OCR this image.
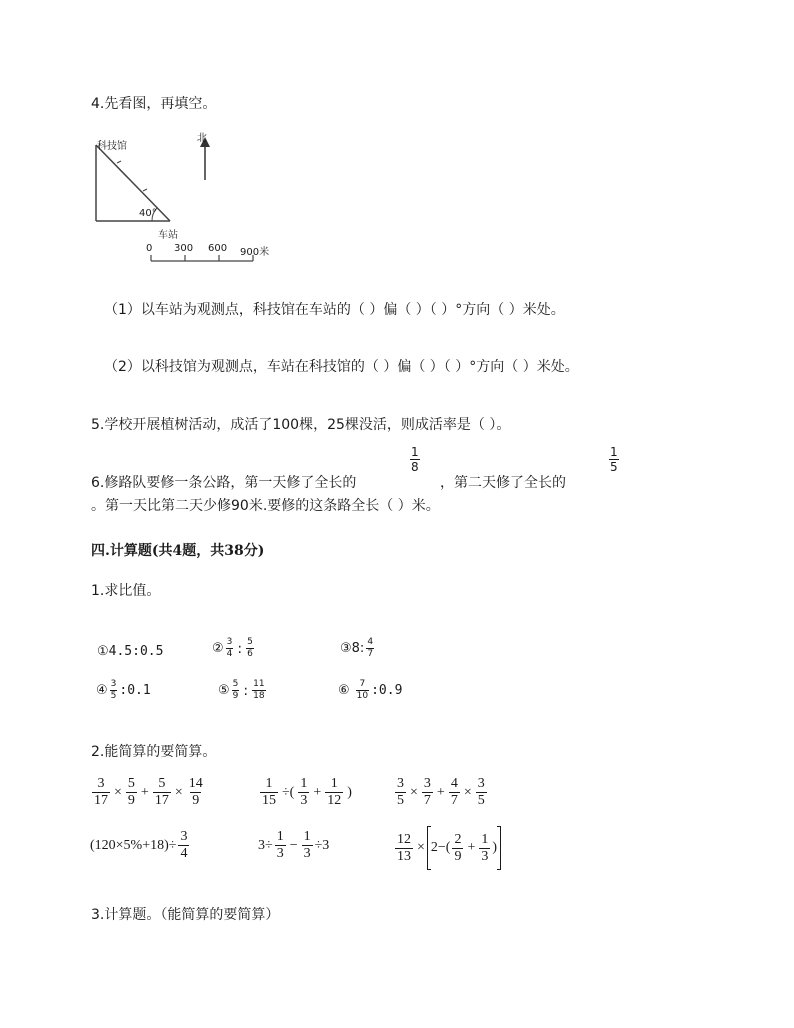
4.先看图，再填空。
科技馆
北
40°
车站
0 300 600 900米
（1）以车站为观测点，科技馆在车站的（ ）偏（ ）（ ）°方向（ ）米处。
（2）以科技馆为观测点，车站在科技馆的（ ）偏（ ）（ ）°方向（ ）米处。
5.学校开展植树活动，成活了100棵，25棵没活，则成活率是（ ）。
6.修路队要修一条公路，第一天修了全长的
$\frac{1}{8}$
，第二天修了全长的
$\frac{1}{5}$
。第一天比第二天少修90米.要修的这条路全长（ ）米。
四.计算题(共4题，共38分)
1.求比值。
①4.5:0.5	② $\frac{3}{4}$ : $\frac{5}{6}$	③8: $\frac{4}{7}$
④ $\frac{3}{5}$ :0.1	⑤ $\frac{5}{9}$ : $\frac{11}{18}$	⑥ $\frac{7}{10}$ :0.9
2.能简算的要简算。
$\frac{3}{17} \times \frac{5}{9} + \frac{5}{17} \times \frac{14}{9}$	$\frac{1}{15}$ ÷( $\frac{1}{3} + \frac{1}{12}$ )	$\frac{3}{5} \times \frac{3}{7} + \frac{4}{7} \times \frac{3}{5}$
$(120\times 5\%+18)\div \frac{3}{4}$	$3\div \frac{1}{3} - \frac{1}{3} \div 3$	$\frac{12}{13} \times 2-( \frac{2}{9} + \frac{1}{3}$ )
3.计算题。（能简算的要简算）
